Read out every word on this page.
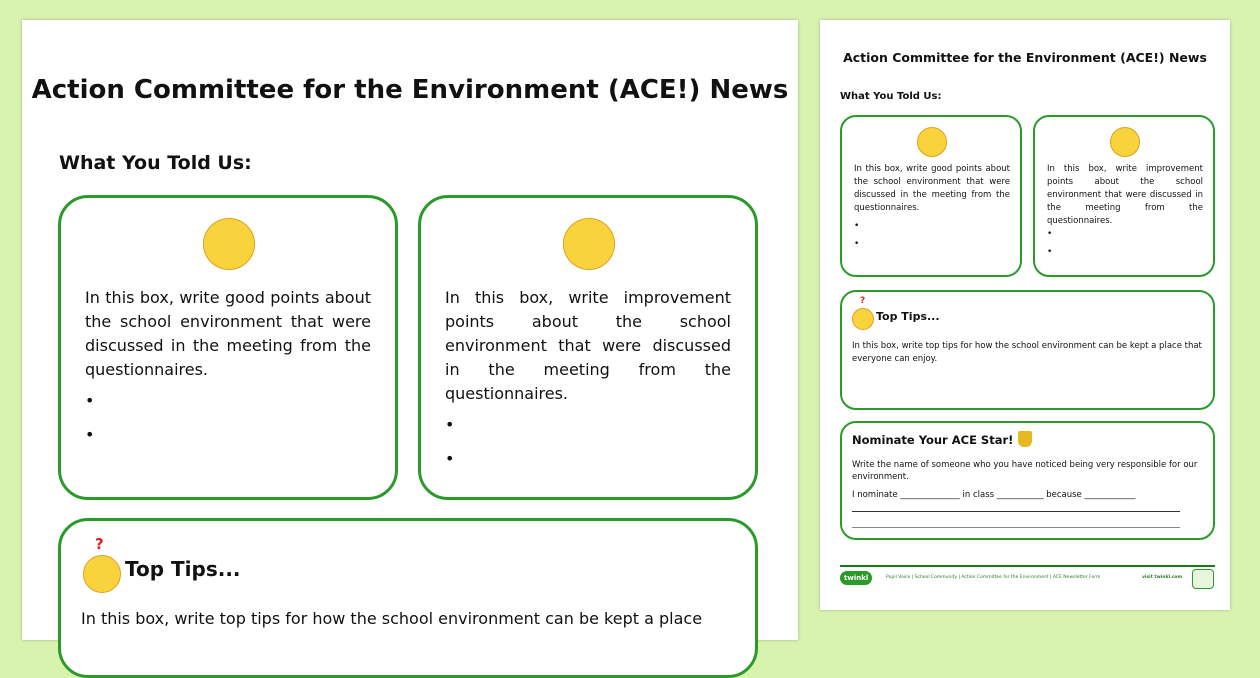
Action Committee for the Environment (ACE!) News
What You Told Us:
In this box, write good points about the school environment that were discussed in the meeting from the questionnaires.
•
•
In this box, write improvement points about the school environment that were discussed in the meeting from the questionnaires.
•
•
?
Top Tips...
In this box, write top tips for how the school environment can be kept a place
Action Committee for the Environment (ACE!) News
What You Told Us:
In this box, write good points about the school environment that were discussed in the meeting from the questionnaires.
•
•
In this box, write improvement points about the school environment that were discussed in the meeting from the questionnaires.
•
•
?
Top Tips...
In this box, write top tips for how the school environment can be kept a place that everyone can enjoy.
Nominate Your ACE Star!
Write the name of someone who you have noticed being very responsible for our environment.
I nominate ______________ in class ___________ because ____________
twinkl	Pupil Voice | School Community | Action Committee for the Environment | ACE Newsletter Form	visit twinkl.com
